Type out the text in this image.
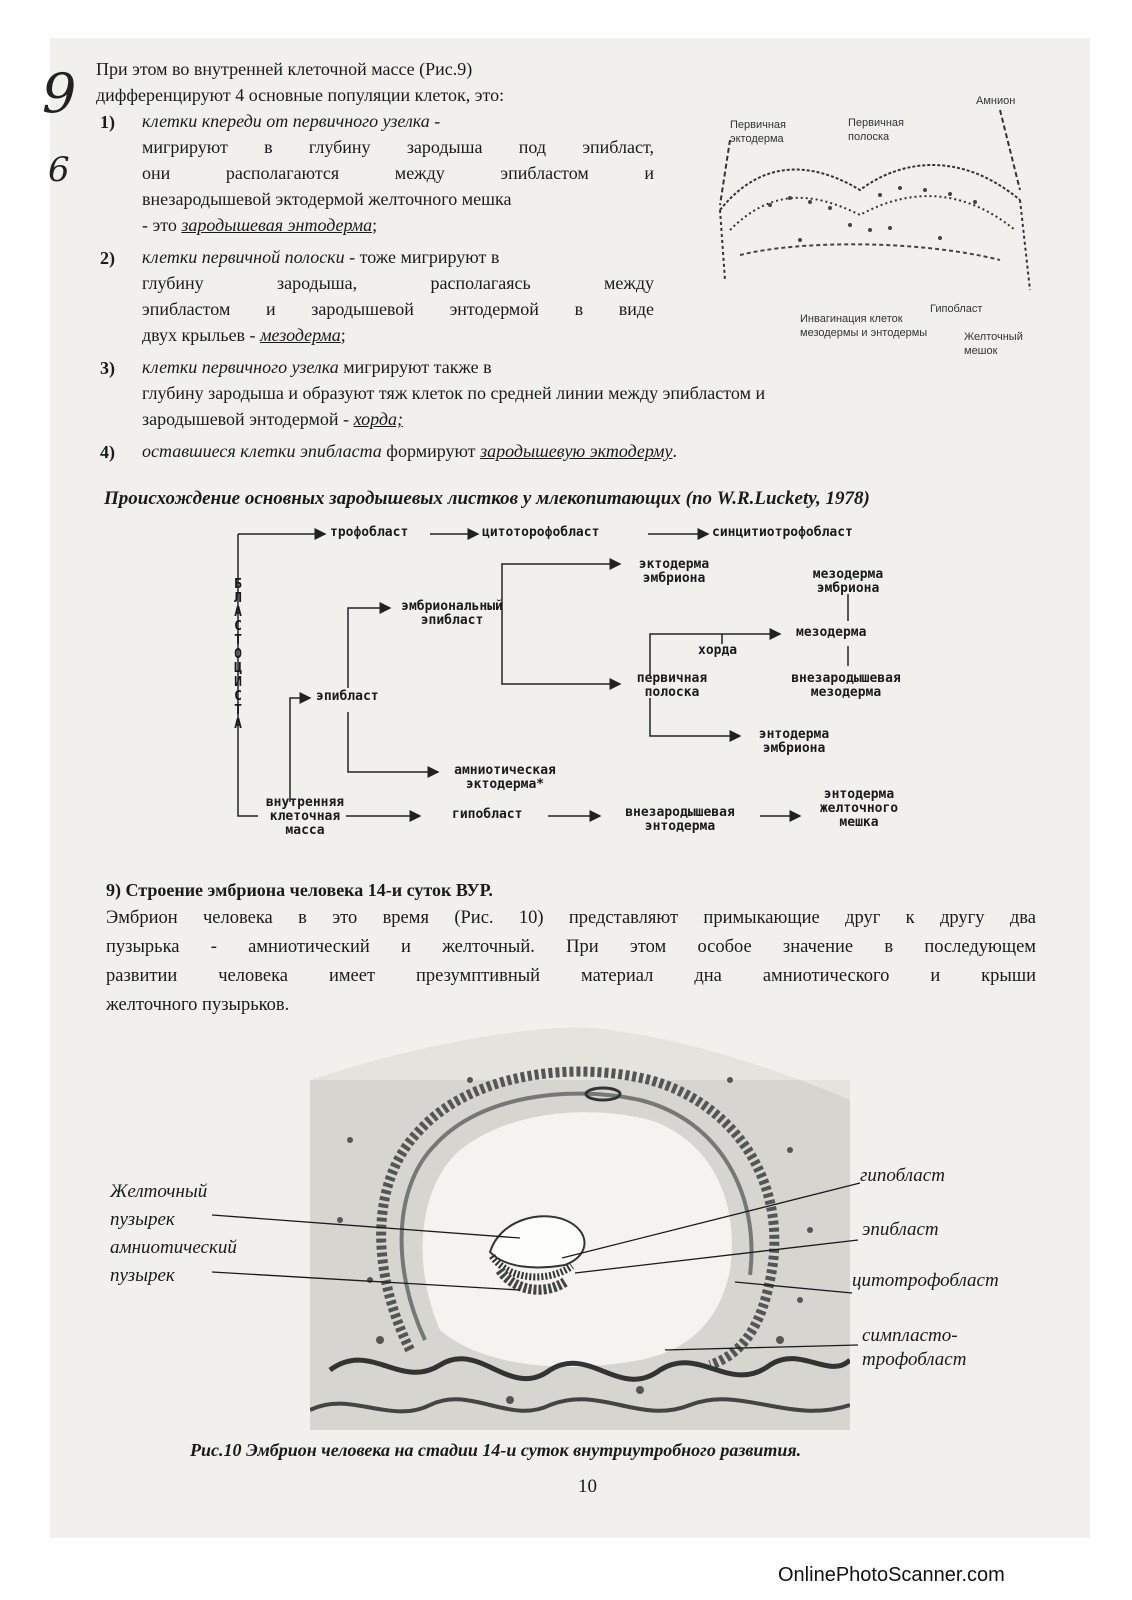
9
6
При этом во внутренней клеточной массе (Рис.9)
дифференцируют 4 основные популяции клеток, это:
1) клетки кпереди от первичного узелка -
мигрируют в глубину зародыша под эпибласт,
они располагаются между эпибластом и
внезародышевой эктодермой желточного мешка
- это зародышевая энтодерма;
2) клетки первичной полоски - тоже мигрируют в
глубину зародыша, располагаясь между
эпибластом и зародышевой энтодермой в виде
двух крыльев - мезодерма;
3) клетки первичного узелка мигрируют также в
глубину зародыша и образуют тяж клеток по средней линии между эпибластом и
зародышевой энтодермой - хорда;
4) оставшиеся клетки эпибласта формируют зародышевую эктодерму.
Амнион
Первичная эктодерма
Первичная полоска
Гипобласт
Инвагинация клеток мезодермы и энтодермы	Желточный мешок
Происхождение основных зародышевых листков у млекопитающих (по W.R.Luckety, 1978)
Б
Л
А
С
Т
О
Ц
И
С
Т
А
трофобласт	цитоторофобласт	синцитиотрофобласт
эктодерма
эмбриона	мезодерма
эмбриона
эмбриональный
эпибласт
мезодерма
хорда
эпибласт
первичная
полоска
внезародышевая
мезодерма
энтодерма
эмбриона
амниотическая
эктодерма*
внутренняя
клеточная
масса
гипобласт	внезародышевая
энтодерма
энтодерма
желточного
мешка
9) Строение эмбриона человека 14-и суток ВУР.
Эмбрион человека в это время (Рис. 10) представляют примыкающие друг к другу два
пузырька - амниотический и желточный. При этом особое значение в последующем
развитии человека имеет презумптивный материал дна амниотического и крыши
желточного пузырьков.
Желточный
пузырек
амниотический
пузырек
гипобласт
эпибласт
цитотрофобласт
симпласто-
трофобласт
Рис.10 Эмбрион человека на стадии 14-и суток внутриутробного развития.
10
OnlinePhotoScanner.com
